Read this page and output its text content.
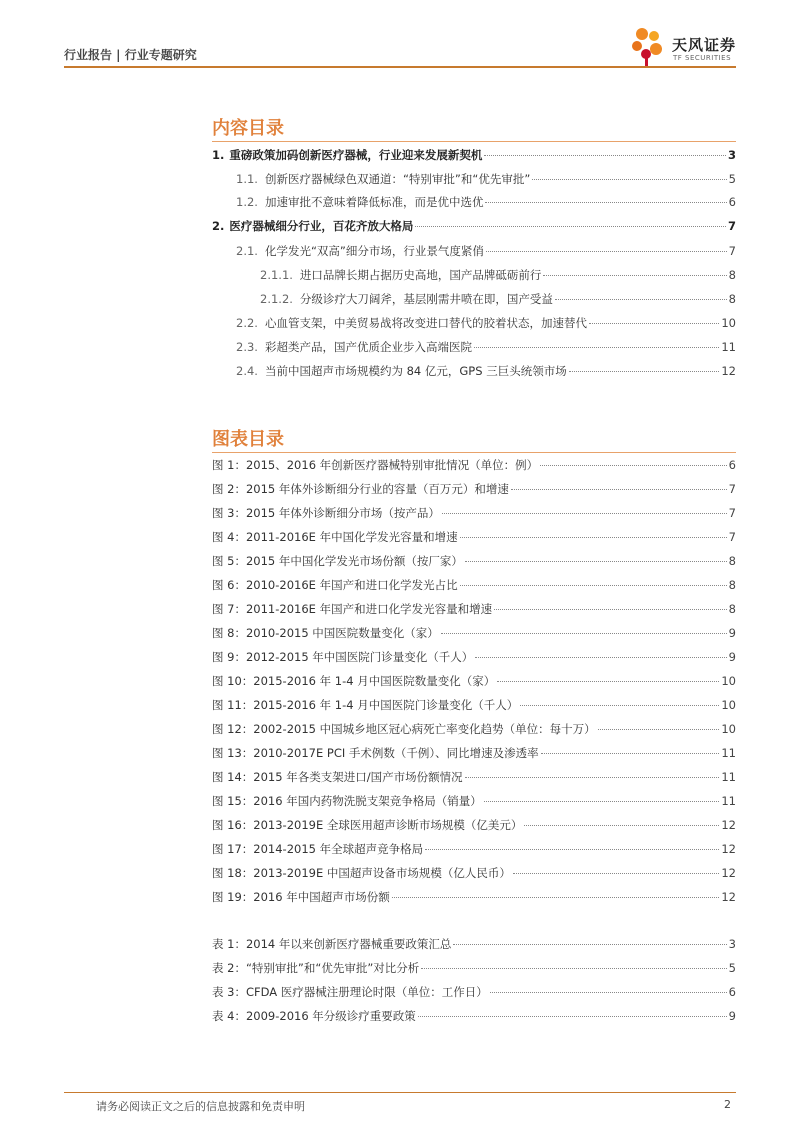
行业报告 | 行业专题研究
天风证券
TF SECURITIES
内容目录
1. 重磅政策加码创新医疗器械，行业迎来发展新契机	3
1.1. 创新医疗器械绿色双通道：“特别审批”和“优先审批”	5
1.2. 加速审批不意味着降低标准，而是优中选优	6
2. 医疗器械细分行业，百花齐放大格局	7
2.1. 化学发光“双高”细分市场，行业景气度紧俏	7
2.1.1. 进口品牌长期占据历史高地，国产品牌砥砺前行	8
2.1.2. 分级诊疗大刀阔斧，基层刚需井喷在即，国产受益	8
2.2. 心血管支架，中美贸易战将改变进口替代的胶着状态，加速替代	10
2.3. 彩超类产品，国产优质企业步入高端医院	11
2.4. 当前中国超声市场规模约为 84 亿元，GPS 三巨头统领市场	12
图表目录
图 1：2015、2016 年创新医疗器械特别审批情况（单位：例）	6
图 2：2015 年体外诊断细分行业的容量（百万元）和增速	7
图 3：2015 年体外诊断细分市场（按产品）	7
图 4：2011-2016E 年中国化学发光容量和增速	7
图 5：2015 年中国化学发光市场份额（按厂家）	8
图 6：2010-2016E 年国产和进口化学发光占比	8
图 7：2011-2016E 年国产和进口化学发光容量和增速	8
图 8：2010-2015 中国医院数量变化（家）	9
图 9：2012-2015 年中国医院门诊量变化（千人）	9
图 10：2015-2016 年 1-4 月中国医院数量变化（家）	10
图 11：2015-2016 年 1-4 月中国医院门诊量变化（千人）	10
图 12：2002-2015 中国城乡地区冠心病死亡率变化趋势（单位：每十万）	10
图 13：2010-2017E PCI 手术例数（千例）、同比增速及渗透率	11
图 14：2015 年各类支架进口/国产市场份额情况	11
图 15：2016 年国内药物洗脱支架竞争格局（销量）	11
图 16：2013-2019E 全球医用超声诊断市场规模（亿美元）	12
图 17：2014-2015 年全球超声竞争格局	12
图 18：2013-2019E 中国超声设备市场规模（亿人民币）	12
图 19：2016 年中国超声市场份额	12
表 1：2014 年以来创新医疗器械重要政策汇总	3
表 2：“特别审批”和“优先审批”对比分析	5
表 3：CFDA 医疗器械注册理论时限（单位：工作日）	6
表 4：2009-2016 年分级诊疗重要政策	9
请务必阅读正文之后的信息披露和免责申明	2
